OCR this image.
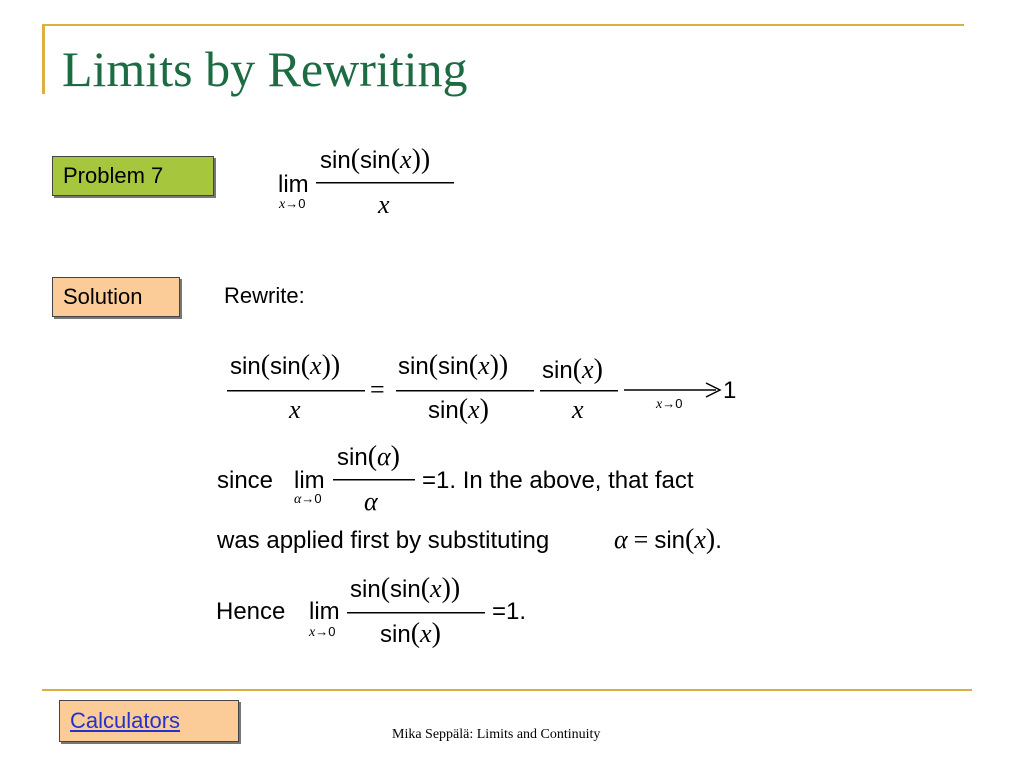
Limits by Rewriting
Problem 7
Solution	Rewrite:
lim
x→0
sin(sin(x))
x
sin(sin(x))
x
=
sin(sin(x))
sin(x)
sin(x)
x	x→0 1
since lim
α→0
sin(α)
α
=1. In the above, that fact
was applied first by substituting α = sin(x).
Hence lim
x→0
sin(sin(x))
sin(x)
=1.
Calculators
Mika Seppälä: Limits and Continuity
